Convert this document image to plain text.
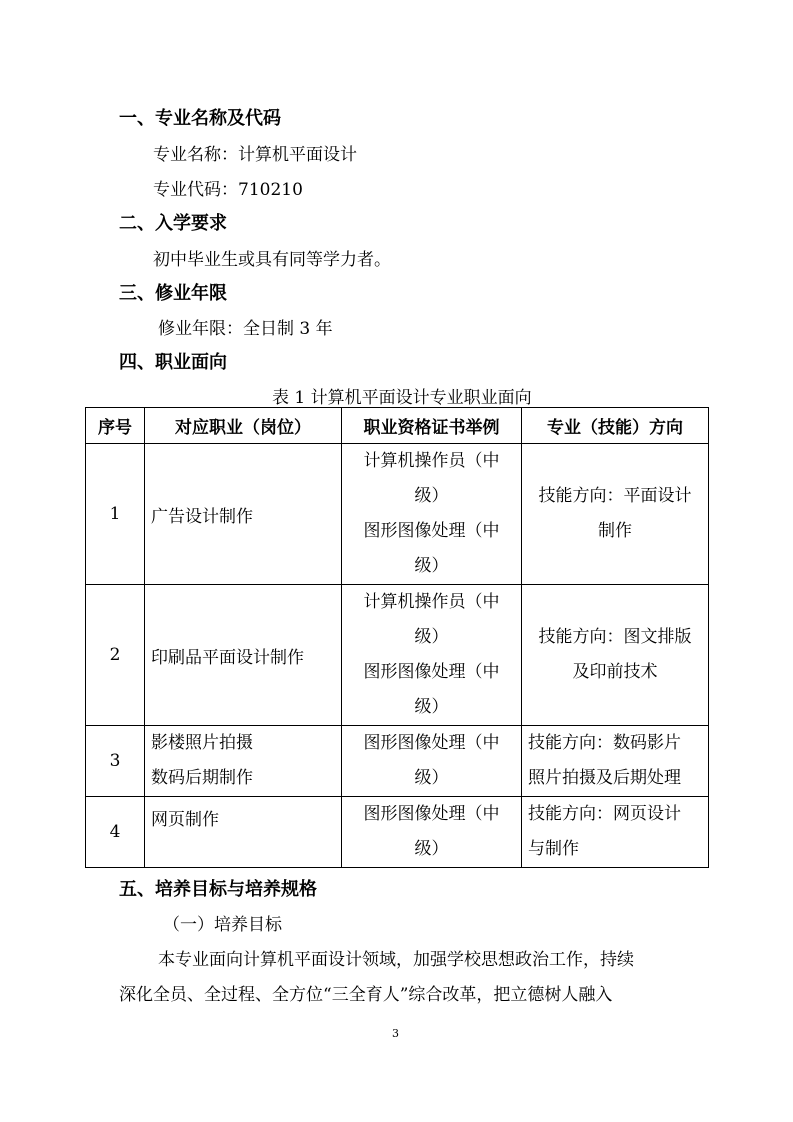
一、专业名称及代码
专业名称：计算机平面设计
专业代码：710210
二、入学要求
初中毕业生或具有同等学力者。
三、修业年限
修业年限：全日制 3 年
四、职业面向
表 1 计算机平面设计专业职业面向
序号	对应职业（岗位）	职业资格证书举例	专业（技能）方向
1	广告设计制作	计算机操作员（中
级）
图形图像处理（中
级）	技能方向：平面设计
制作

2	印刷品平面设计制作	计算机操作员（中
级）
图形图像处理（中
级）	技能方向：图文排版
及印前技术

3	影楼照片拍摄
数码后期制作	图形图像处理（中
级）	技能方向：数码影片
照片拍摄及后期处理

4	网页制作	图形图像处理（中
级）	技能方向：网页设计
与制作
五、培养目标与培养规格
（一）培养目标
本专业面向计算机平面设计领域，加强学校思想政治工作，持续
深化全员、全过程、全方位“三全育人”综合改革，把立德树人融入
3
